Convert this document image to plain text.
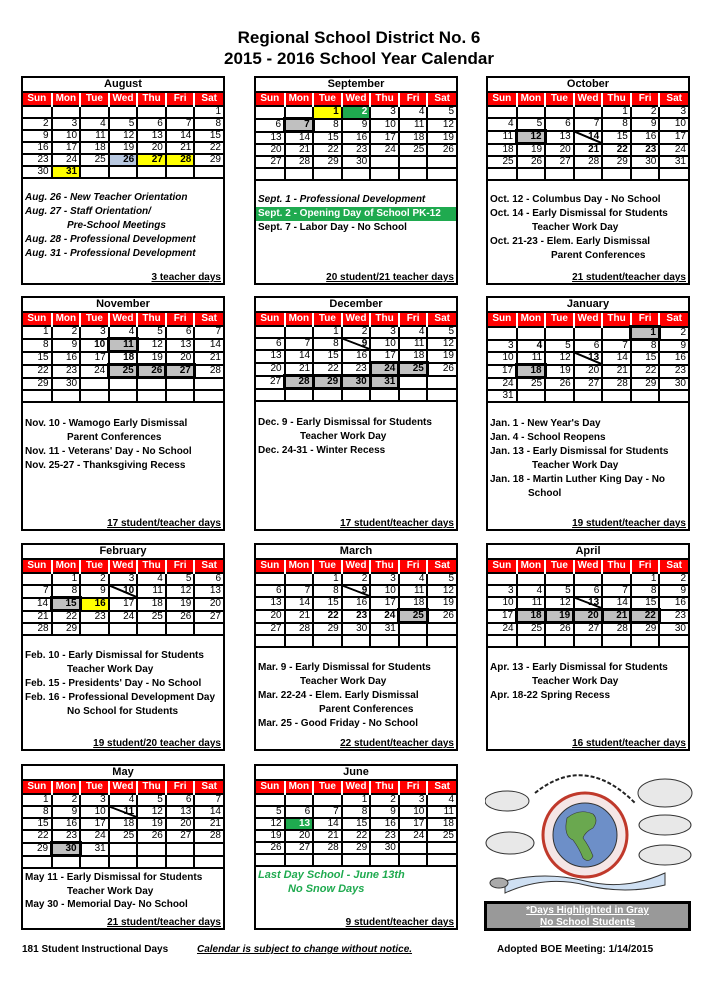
Regional School District No. 6
2015 - 2016 School Year Calendar
August
Sun	Mon	Tue	Wed	Thu	Fri	Sat
						1
2	3	4	5	6	7	8
9	10	11	12	13	14	15
16	17	18	19	20	21	22
23	24	25	26	27	28	29
30	31					
Aug. 26 - New Teacher Orientation
Aug. 27 - Staff Orientation/
Pre-School Meetings
Aug. 28 - Professional Development
Aug. 31 - Professional Development
3 teacher days
September
Sun	Mon	Tue	Wed	Thu	Fri	Sat
		1	2	3	4	5
6	7	8	9	10	11	12
13	14	15	16	17	18	19
20	21	22	23	24	25	26
27	28	29	30			

Sept. 1 - Professional Development
Sept. 2 - Opening Day of School PK-12
Sept. 7 - Labor Day - No School
20 student/21 teacher days
October
Sun	Mon	Tue	Wed	Thu	Fri	Sat
				1	2	3
4	5	6	7	8	9	10
11	12	13	14	15	16	17
18	19	20	21	22	23	24
25	26	27	28	29	30	31

Oct. 12 - Columbus Day - No School
Oct. 14 - Early Dismissal for Students
Teacher Work Day
Oct. 21-23 - Elem. Early Dismissal
Parent Conferences
21 student/teacher days
November
Sun	Mon	Tue	Wed	Thu	Fri	Sat
1	2	3	4	5	6	7
8	9	10	11	12	13	14
15	16	17	18	19	20	21
22	23	24	25	26	27	28
29	30					

Nov. 10 - Wamogo Early Dismissal
Parent Conferences
Nov. 11 - Veterans' Day - No School
Nov. 25-27 - Thanksgiving Recess
17 student/teacher days
December
Sun	Mon	Tue	Wed	Thu	Fri	Sat
		1	2	3	4	5
6	7	8	9	10	11	12
13	14	15	16	17	18	19
20	21	22	23	24	25	26
27	28	29	30	31		

Dec. 9 - Early Dismissal for Students
Teacher Work Day
Dec. 24-31 - Winter Recess
17 student/teacher days
January
Sun	Mon	Tue	Wed	Thu	Fri	Sat
					1	2
3	4	5	6	7	8	9
10	11	12	13	14	15	16
17	18	19	20	21	22	23
24	25	26	27	28	29	30
31						
Jan. 1 - New Year's Day
Jan. 4 - School Reopens
Jan. 13 - Early Dismissal for Students
Teacher Work Day
Jan. 18 - Martin Luther King Day - No
School
19 student/teacher days
February
Sun	Mon	Tue	Wed	Thu	Fri	Sat
	1	2	3	4	5	6
7	8	9	10	11	12	13
14	15	16	17	18	19	20
21	22	23	24	25	26	27
28	29					
Feb. 10 - Early Dismissal for Students
Teacher Work Day
Feb. 15 - Presidents' Day - No School
Feb. 16 - Professional Development Day
No School for Students
19 student/20 teacher days
March
Sun	Mon	Tue	Wed	Thu	Fri	Sat
		1	2	3	4	5
6	7	8	9	10	11	12
13	14	15	16	17	18	19
20	21	22	23	24	25	26
27	28	29	30	31		

Mar. 9 - Early Dismissal for Students
Teacher Work Day
Mar. 22-24 - Elem. Early Dismissal
Parent Conferences
Mar. 25 - Good Friday - No School
22 student/teacher days
April
Sun	Mon	Tue	Wed	Thu	Fri	Sat
					1	2
3	4	5	6	7	8	9
10	11	12	13	14	15	16
17	18	19	20	21	22	23
24	25	26	27	28	29	30

Apr. 13 - Early Dismissal for Students
Teacher Work Day
Apr. 18-22 Spring Recess
16 student/teacher days
May
Sun	Mon	Tue	Wed	Thu	Fri	Sat
1	2	3	4	5	6	7
8	9	10	11	12	13	14
15	16	17	18	19	20	21
22	23	24	25	26	27	28
29	30	31				

May 11 - Early Dismissal for Students
Teacher Work Day
May 30 - Memorial Day- No School
21 student/teacher days
June
Sun	Mon	Tue	Wed	Thu	Fri	Sat
			1	2	3	4
5	6	7	8	9	10	11
12	13	14	15	16	17	18
19	20	21	22	23	24	25
26	27	28	29	30		

Last Day School - June 13th
No Snow Days
9 student/teacher days
*Days Highlighted in Gray
No School Students
181 Student Instructional Days	Calendar is subject to change without notice.	Adopted BOE Meeting: 1/14/2015
